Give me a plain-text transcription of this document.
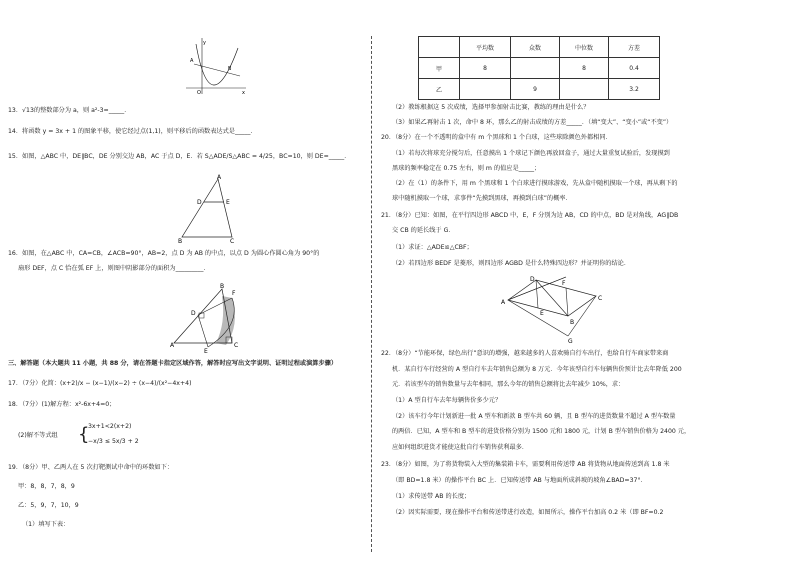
y
x
A
B
O
13．√13的整数部分为 a，则 a²-3=_____．
14．将函数 y = 3x + 1 的图象平移，使它经过点(1,1)，则平移后的函数表达式是_____．
15．如图，△ABC 中，DE∥BC，DE 分别交边 AB，AC 于点 D，E．若 S△ADE/S△ABC = 4/25，BC=10，则 DE=_____．
A
B	C
D	E
16．如图，在△ABC 中，CA=CB，∠ACB=90°，AB=2，点 D 为 AB 的中点，以点 D 为圆心作圆心角为 90°的
扇形 DEF，点 C 恰在弧 EF 上，则图中阴影部分的面积为_________．
A
B
C
D
E
F
三、解答题（本大题共 11 小题，共 88 分，请在答题卡指定区域作答，解答时应写出文字说明、证明过程或演算步骤）
17．（7分）化简：(x+2)/x − (x−1)/(x−2) ÷ (x−4)/(x²−4x+4)
18．（7分）(1)解方程：x²-6x+4=0；
(2)解不等式组 {
3x+1<2(x+2)
−x/3 ≤ 5x/3 + 2
19．（8分）甲、乙两人在 5 次打靶测试中命中的环数如下：
甲：8，8，7，8，9
乙：5，9，7，10，9
（1）填写下表：
	平均数	众数	中位数	方差
甲	8		8	0.4
乙		9		3.2
（2）教练根据这 5 次成绩，选择甲参加射击比赛，教练的理由是什么？
（3）如果乙再射击 1 次，命中 8 环，那么乙的射击成绩的方差_____．（填“变大”、“变小”或“不变”）
20．（8分）在一个不透明的盒中有 m 个黑球和 1 个白球，这些球除颜色外都相同．
（1）若每次将球充分搅匀后，任意摸出 1 个球记下颜色再放回盒子，通过大量重复试验后，发现摸到
黑球的频率稳定在 0.75 左右，则 m 的值应是_____；
（2）在（1）的条件下，用 m 个黑球和 1 个白球进行摸球游戏，先从盒中随机摸取一个球，再从剩下的
球中随机摸取一个球，求事件“先摸到黑球，再摸到白球”的概率．
21．（8分）已知：如图，在平行四边形 ABCD 中，E，F 分别为边 AB，CD 的中点，BD 是对角线，AG∥DB
交 CB 的延长线于 G．
（1）求证：△ADE≌△CBF；
（2）若四边形 BEDF 是菱形，则四边形 AGBD 是什么特殊四边形？并证明你的结论．
A
B
C
D
E
F
G
22．（8分）“节能环保，绿色出行”意识的增强，越来越多的人喜欢骑自行车出行，也给自行车商家带来商
机．某自行车行经营的 A 型自行车去年销售总额为 8 万元．今年该型自行车每辆售价预计比去年降低 200
元．若该型车的销售数量与去年相同，那么今年的销售总额将比去年减少 10%，求：
（1）A 型自行车去年每辆售价多少元？
（2）该车行今年计划新进一批 A 型车和新款 B 型车共 60 辆，且 B 型车的进货数量不超过 A 型车数量
的两倍．已知，A 型车和 B 型车的进货价格分别为 1500 元和 1800 元，计划 B 型车销售价格为 2400 元，
应如何组织进货才能使这批自行车销售获利最多．
23．（8分）如图，为了将货物装入大型的集装箱卡车，需要利用传送带 AB 将货物从地面传送到高 1.8 米
（即 BD=1.8 米）的操作平台 BC 上．已知传送带 AB 与地面所成斜坡的坡角∠BAD=37°．
（1）求传送带 AB 的长度；
（2）因实际需要，现在操作平台和传送带进行改造，如图所示，操作平台加高 0.2 米（即 BF=0.2
